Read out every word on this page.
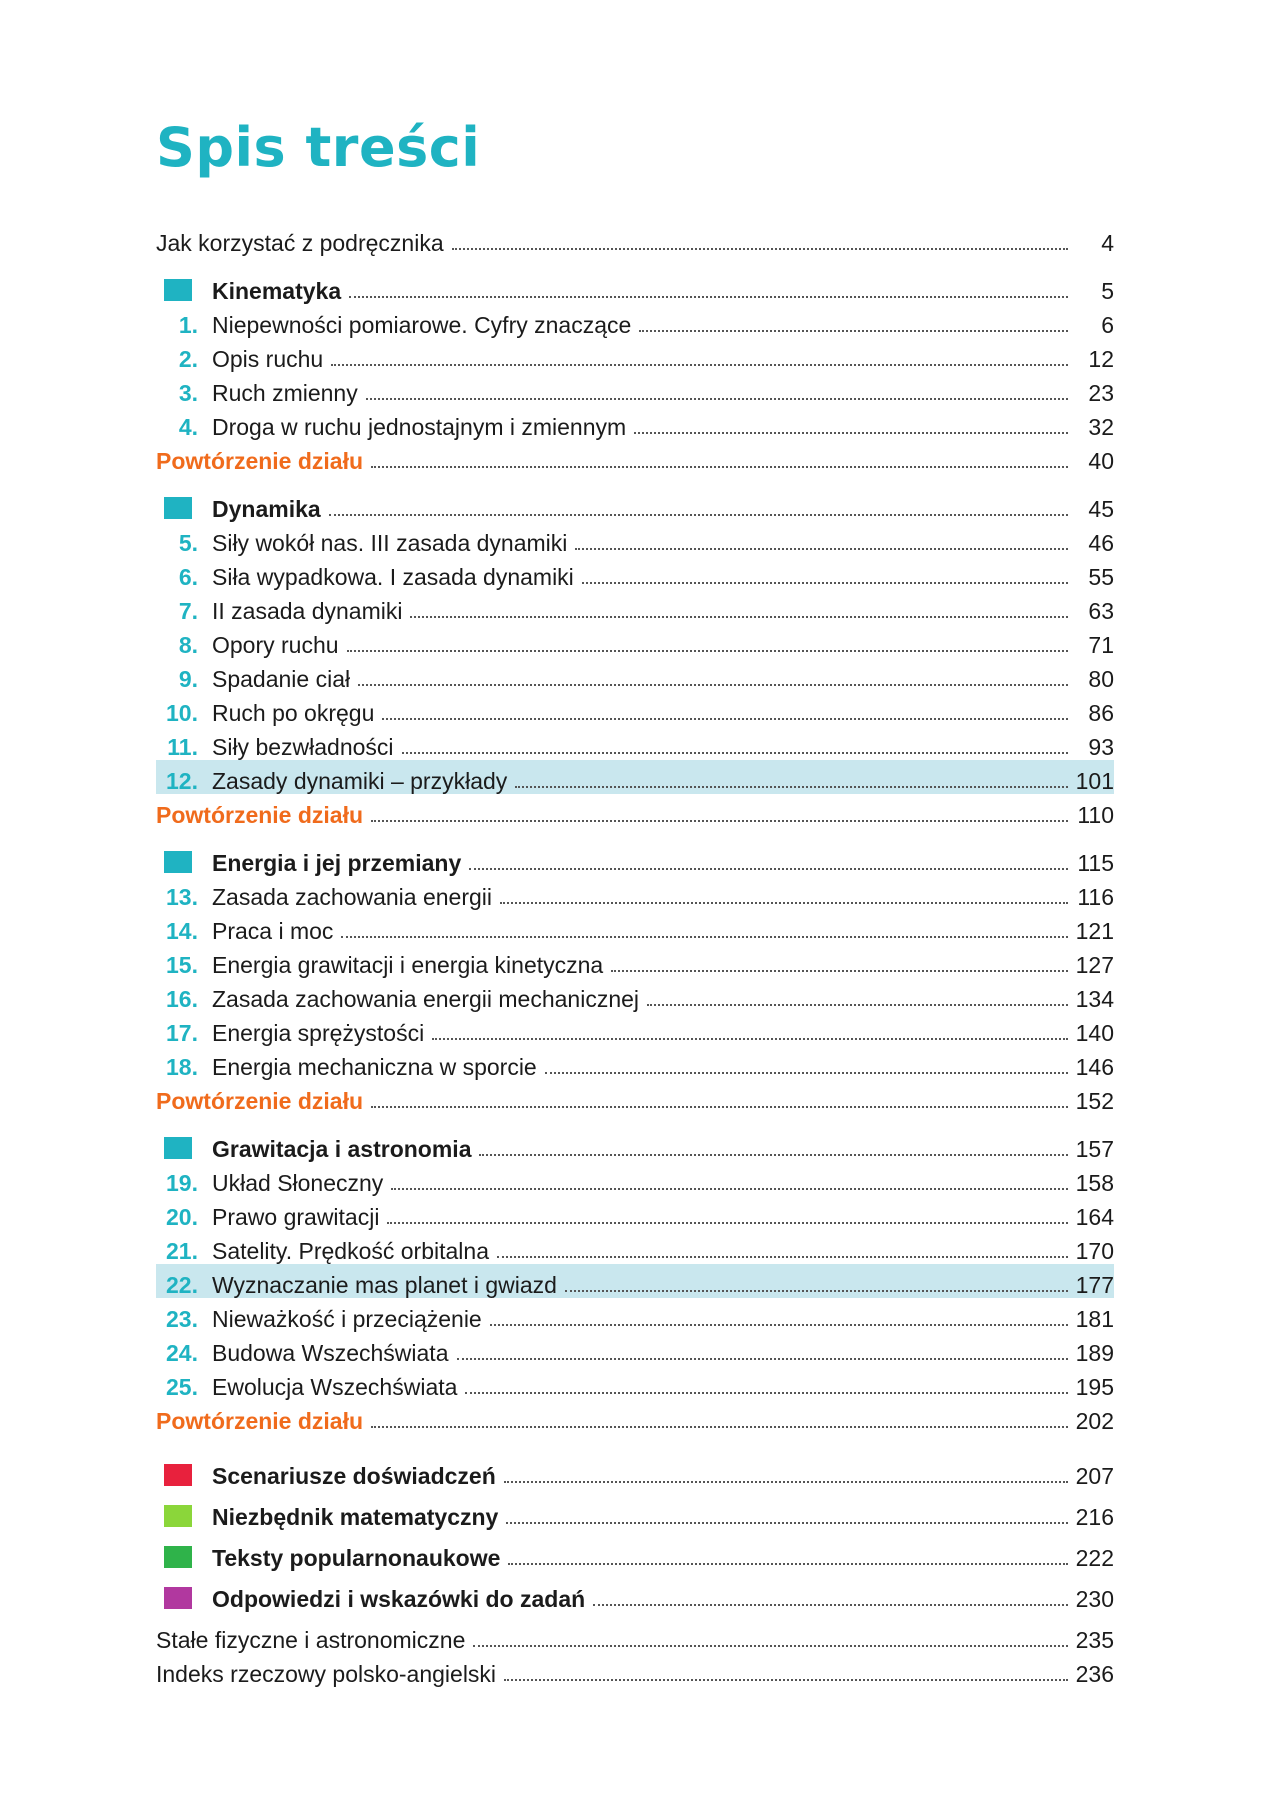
Spis treści
Jak korzystać z podręcznika	4
Kinematyka	5
1. Niepewności pomiarowe. Cyfry znaczące	6
2. Opis ruchu	12
3. Ruch zmienny	23
4. Droga w ruchu jednostajnym i zmiennym	32
Powtórzenie działu	40
Dynamika	45
5. Siły wokół nas. III zasada dynamiki	46
6. Siła wypadkowa. I zasada dynamiki	55
7. II zasada dynamiki	63
8. Opory ruchu	71
9. Spadanie ciał	80
10. Ruch po okręgu	86
11. Siły bezwładności	93
12. Zasady dynamiki – przykłady	101
Powtórzenie działu	110
Energia i jej przemiany	115
13. Zasada zachowania energii	116
14. Praca i moc	121
15. Energia grawitacji i energia kinetyczna	127
16. Zasada zachowania energii mechanicznej	134
17. Energia sprężystości	140
18. Energia mechaniczna w sporcie	146
Powtórzenie działu	152
Grawitacja i astronomia	157
19. Układ Słoneczny	158
20. Prawo grawitacji	164
21. Satelity. Prędkość orbitalna	170
22. Wyznaczanie mas planet i gwiazd	177
23. Nieważkość i przeciążenie	181
24. Budowa Wszechświata	189
25. Ewolucja Wszechświata	195
Powtórzenie działu	202
Scenariusze doświadczeń	207
Niezbędnik matematyczny	216
Teksty popularnonaukowe	222
Odpowiedzi i wskazówki do zadań	230
Stałe fizyczne i astronomiczne	235
Indeks rzeczowy polsko-angielski	236
